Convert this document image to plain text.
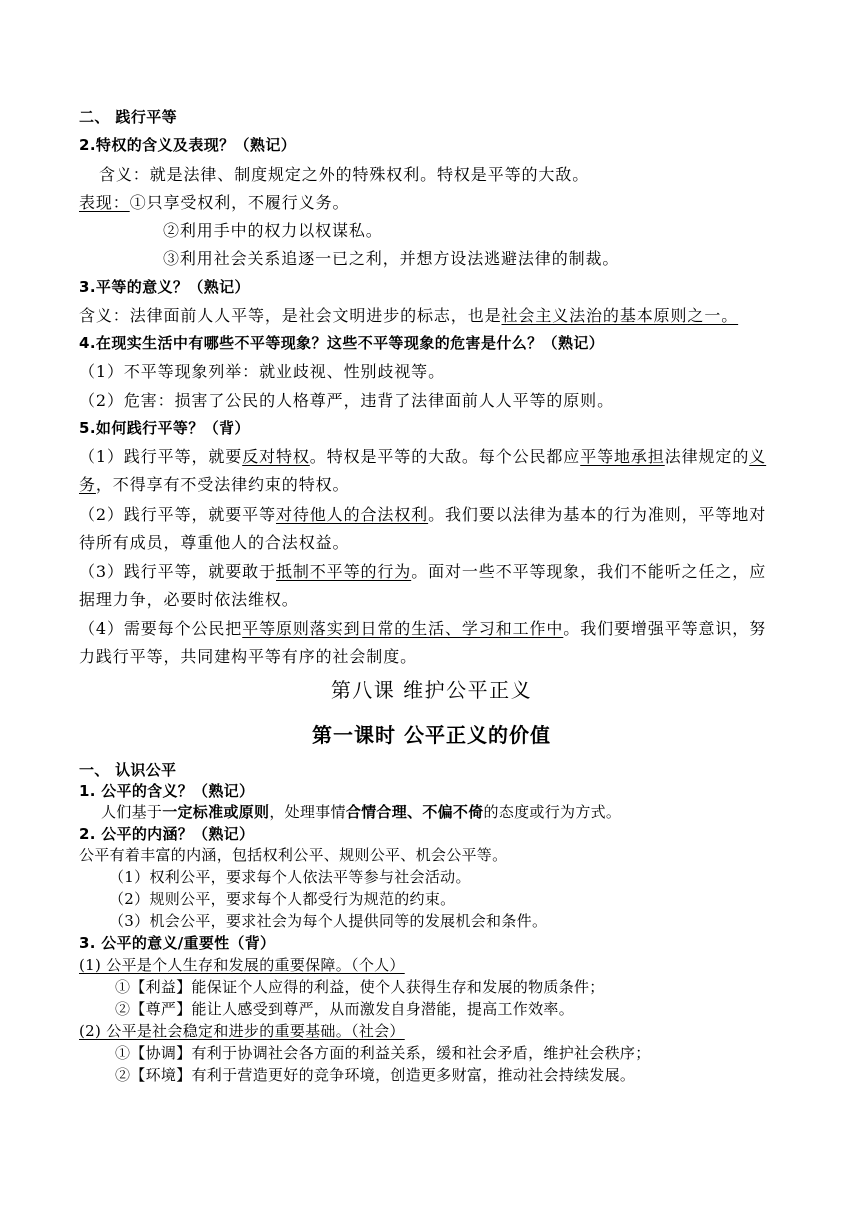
二、 践行平等
2.特权的含义及表现？（熟记）
含义：就是法律、制度规定之外的特殊权利。特权是平等的大敌。
表现：①只享受权利，不履行义务。
②利用手中的权力以权谋私。
③利用社会关系追逐一已之利，并想方设法逃避法律的制裁。
3.平等的意义？（熟记）
含义：法律面前人人平等，是社会文明进步的标志，也是社会主义法治的基本原则之一。
4.在现实生活中有哪些不平等现象？这些不平等现象的危害是什么？（熟记）
（1）不平等现象列举：就业歧视、性别歧视等。
（2）危害：损害了公民的人格尊严，违背了法律面前人人平等的原则。
5.如何践行平等？（背）
（1）践行平等，就要反对特权。特权是平等的大敌。每个公民都应平等地承担法律规定的义
务，不得享有不受法律约束的特权。
（2）践行平等，就要平等对待他人的合法权利。我们要以法律为基本的行为准则，平等地对
待所有成员，尊重他人的合法权益。
（3）践行平等，就要敢于抵制不平等的行为。面对一些不平等现象，我们不能听之任之，应
据理力争，必要时依法维权。
（4）需要每个公民把平等原则落实到日常的生活、学习和工作中。我们要增强平等意识，努
力践行平等，共同建构平等有序的社会制度。
第八课 维护公平正义
第一课时 公平正义的价值
一、 认识公平
1. 公平的含义？（熟记）
人们基于一定标准或原则，处理事情合情合理、不偏不倚的态度或行为方式。
2. 公平的内涵？（熟记）
公平有着丰富的内涵，包括权利公平、规则公平、机会公平等。
（1）权利公平，要求每个人依法平等参与社会活动。
（2）规则公平，要求每个人都受行为规范的约束。
（3）机会公平，要求社会为每个人提供同等的发展机会和条件。
3. 公平的意义/重要性（背）
(1) 公平是个人生存和发展的重要保障。（个人）
①【利益】能保证个人应得的利益，使个人获得生存和发展的物质条件；
②【尊严】能让人感受到尊严，从而激发自身潜能，提高工作效率。
(2) 公平是社会稳定和进步的重要基础。（社会）
①【协调】有利于协调社会各方面的利益关系，缓和社会矛盾，维护社会秩序；
②【环境】有利于营造更好的竞争环境，创造更多财富，推动社会持续发展。
